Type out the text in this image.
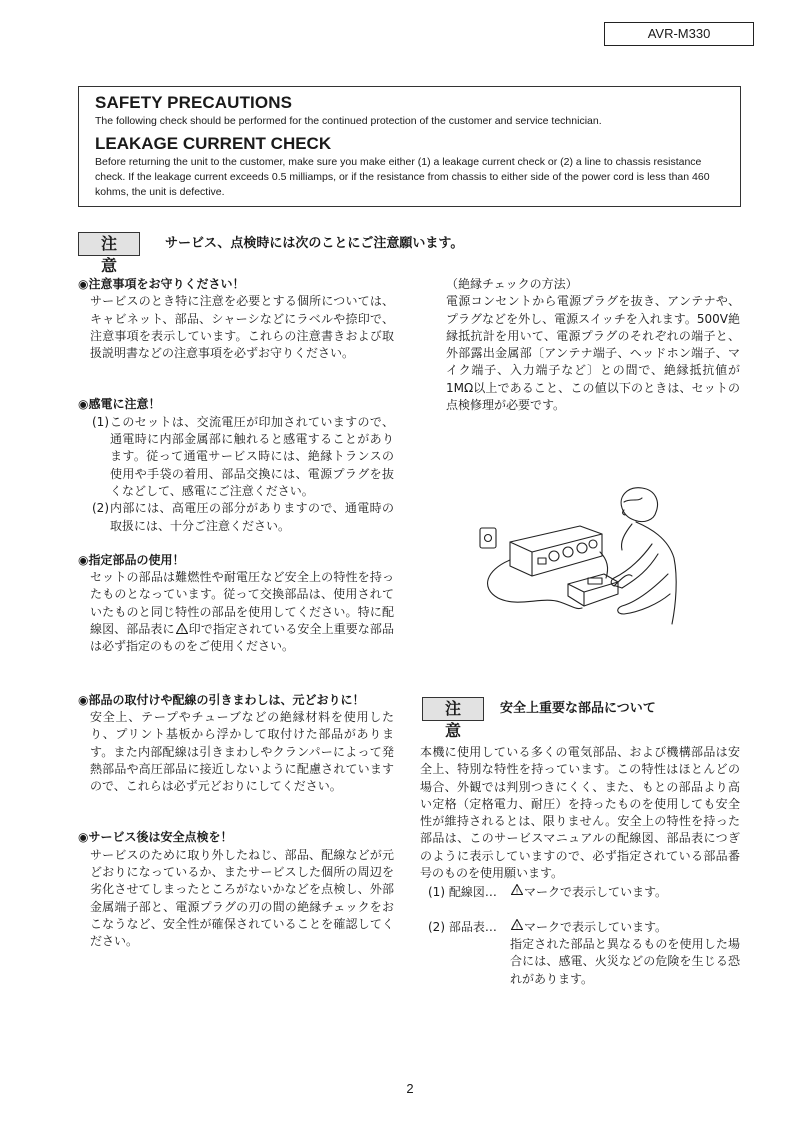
AVR-M330
SAFETY PRECAUTIONS
The following check should be performed for the continued protection of the customer and service technician.
LEAKAGE CURRENT CHECK
Before returning the unit to the customer, make sure you make either (1) a leakage current check or (2) a line to chassis resistance check. If the leakage current exceeds 0.5 milliamps, or if the resistance from chassis to either side of the power cord is less than 460 kohms, the unit is defective.
注意
サービス、点検時には次のことにご注意願います。
◉注意事項をお守りください！
サービスのとき特に注意を必要とする個所については、キャビネット、部品、シャーシなどにラベルや捺印で、注意事項を表示しています。これらの注意書きおよび取扱説明書などの注意事項を必ずお守りください。
◉感電に注意！
(1) このセットは、交流電圧が印加されていますので、通電時に内部金属部に触れると感電することがあります。従って通電サービス時には、絶縁トランスの使用や手袋の着用、部品交換には、電源プラグを抜くなどして、感電にご注意ください。
(2) 内部には、高電圧の部分がありますので、通電時の取扱には、十分ご注意ください。
◉指定部品の使用！
セットの部品は難燃性や耐電圧など安全上の特性を持ったものとなっています。従って交換部品は、使用されていたものと同じ特性の部品を使用してください。特に配線図、部品表に ! 印で指定されている安全上重要な部品は必ず指定のものをご使用ください。
◉部品の取付けや配線の引きまわしは、元どおりに！
安全上、テープやチューブなどの絶縁材料を使用したり、プリント基板から浮かして取付けた部品があります。また内部配線は引きまわしやクランパーによって発熱部品や高圧部品に接近しないように配慮されていますので、これらは必ず元どおりにしてください。
◉サービス後は安全点検を！
サービスのために取り外したねじ、部品、配線などが元どおりになっているか、またサービスした個所の周辺を劣化させてしまったところがないかなどを点検し、外部金属端子部と、電源プラグの刃の間の絶縁チェックをおこなうなど、安全性が確保されていることを確認してください。
（絶縁チェックの方法）
電源コンセントから電源プラグを抜き、アンテナや、プラグなどを外し、電源スイッチを入れます。500V絶縁抵抗計を用いて、電源プラグのそれぞれの端子と、外部露出金属部〔アンテナ端子、ヘッドホン端子、マイク端子、入力端子など〕との間で、絶縁抵抗値が1MΩ以上であること、この値以下のときは、セットの点検修理が必要です。
注意
安全上重要な部品について
本機に使用している多くの電気部品、および機構部品は安全上、特別な特性を持っています。この特性はほとんどの場合、外観では判別つきにくく、また、もとの部品より高い定格（定格電力、耐圧）を持ったものを使用しても安全性が維持されるとは、限りません。安全上の特性を持った部品は、このサービスマニュアルの配線図、部品表につぎのように表示していますので、必ず指定されている部品番号のものを使用願います。
(1) 配線図…	! マークで表示しています。
(2) 部品表…	! マークで表示しています。
指定された部品と異なるものを使用した場合には、感電、火災などの危険を生じる恐れがあります。
2
